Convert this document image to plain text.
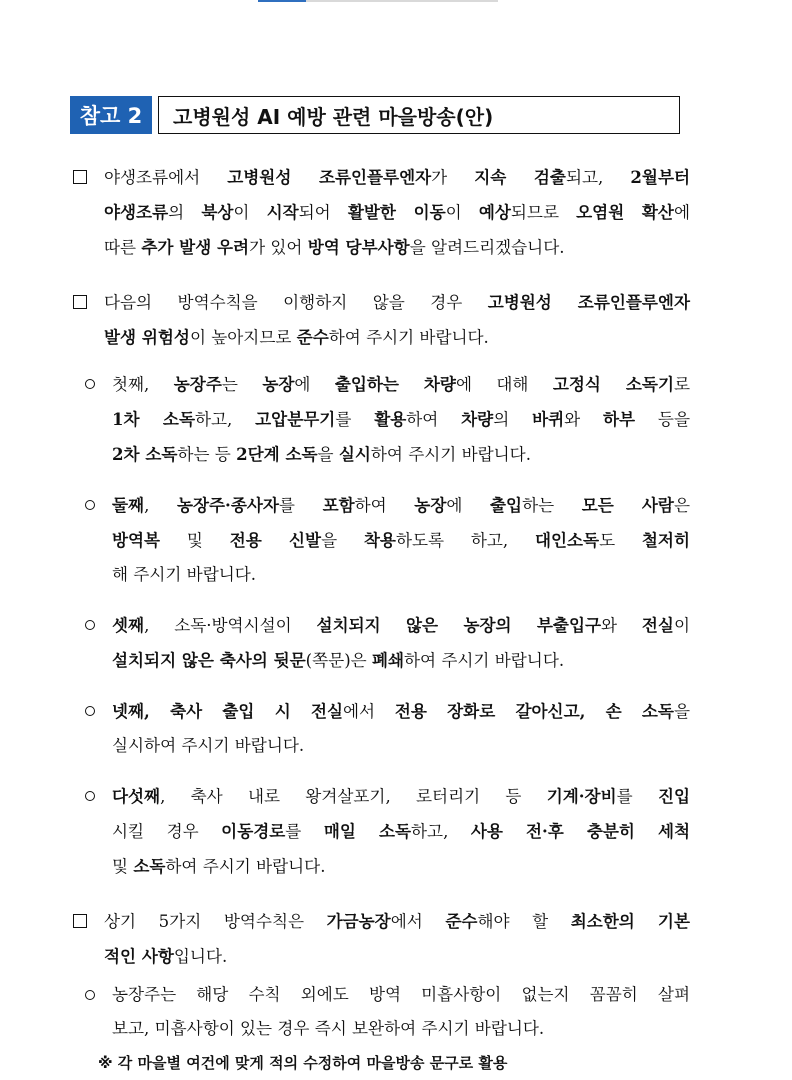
참고 2	고병원성 AI 예방 관련 마을방송(안)
야생조류에서 고병원성 조류인플루엔자가 지속 검출되고, 2월부터
야생조류의 북상이 시작되어 활발한 이동이 예상되므로 오염원 확산에
따른 추가 발생 우려가 있어 방역 당부사항을 알려드리겠습니다.
다음의 방역수칙을 이행하지 않을 경우 고병원성 조류인플루엔자
발생 위험성이 높아지므로 준수하여 주시기 바랍니다.
첫째, 농장주는 농장에 출입하는 차량에 대해 고정식 소독기로
1차 소독하고, 고압분무기를 활용하여 차량의 바퀴와 하부 등을
2차 소독하는 등 2단계 소독을 실시하여 주시기 바랍니다.
둘째, 농장주·종사자를 포함하여 농장에 출입하는 모든 사람은
방역복 및 전용 신발을 착용하도록 하고, 대인소독도 철저히
해 주시기 바랍니다.
셋째, 소독·방역시설이 설치되지 않은 농장의 부출입구와 전실이
설치되지 않은 축사의 뒷문(쪽문)은 폐쇄하여 주시기 바랍니다.
넷째, 축사 출입 시 전실에서 전용 장화로 갈아신고, 손 소독을
실시하여 주시기 바랍니다.
다섯째, 축사 내로 왕겨살포기, 로터리기 등 기계·장비를 진입
시킬 경우 이동경로를 매일 소독하고, 사용 전·후 충분히 세척
및 소독하여 주시기 바랍니다.
상기 5가지 방역수칙은 가금농장에서 준수해야 할 최소한의 기본
적인 사항입니다.
농장주는 해당 수칙 외에도 방역 미흡사항이 없는지 꼼꼼히 살펴
보고, 미흡사항이 있는 경우 즉시 보완하여 주시기 바랍니다.
※ 각 마을별 여건에 맞게 적의 수정하여 마을방송 문구로 활용
